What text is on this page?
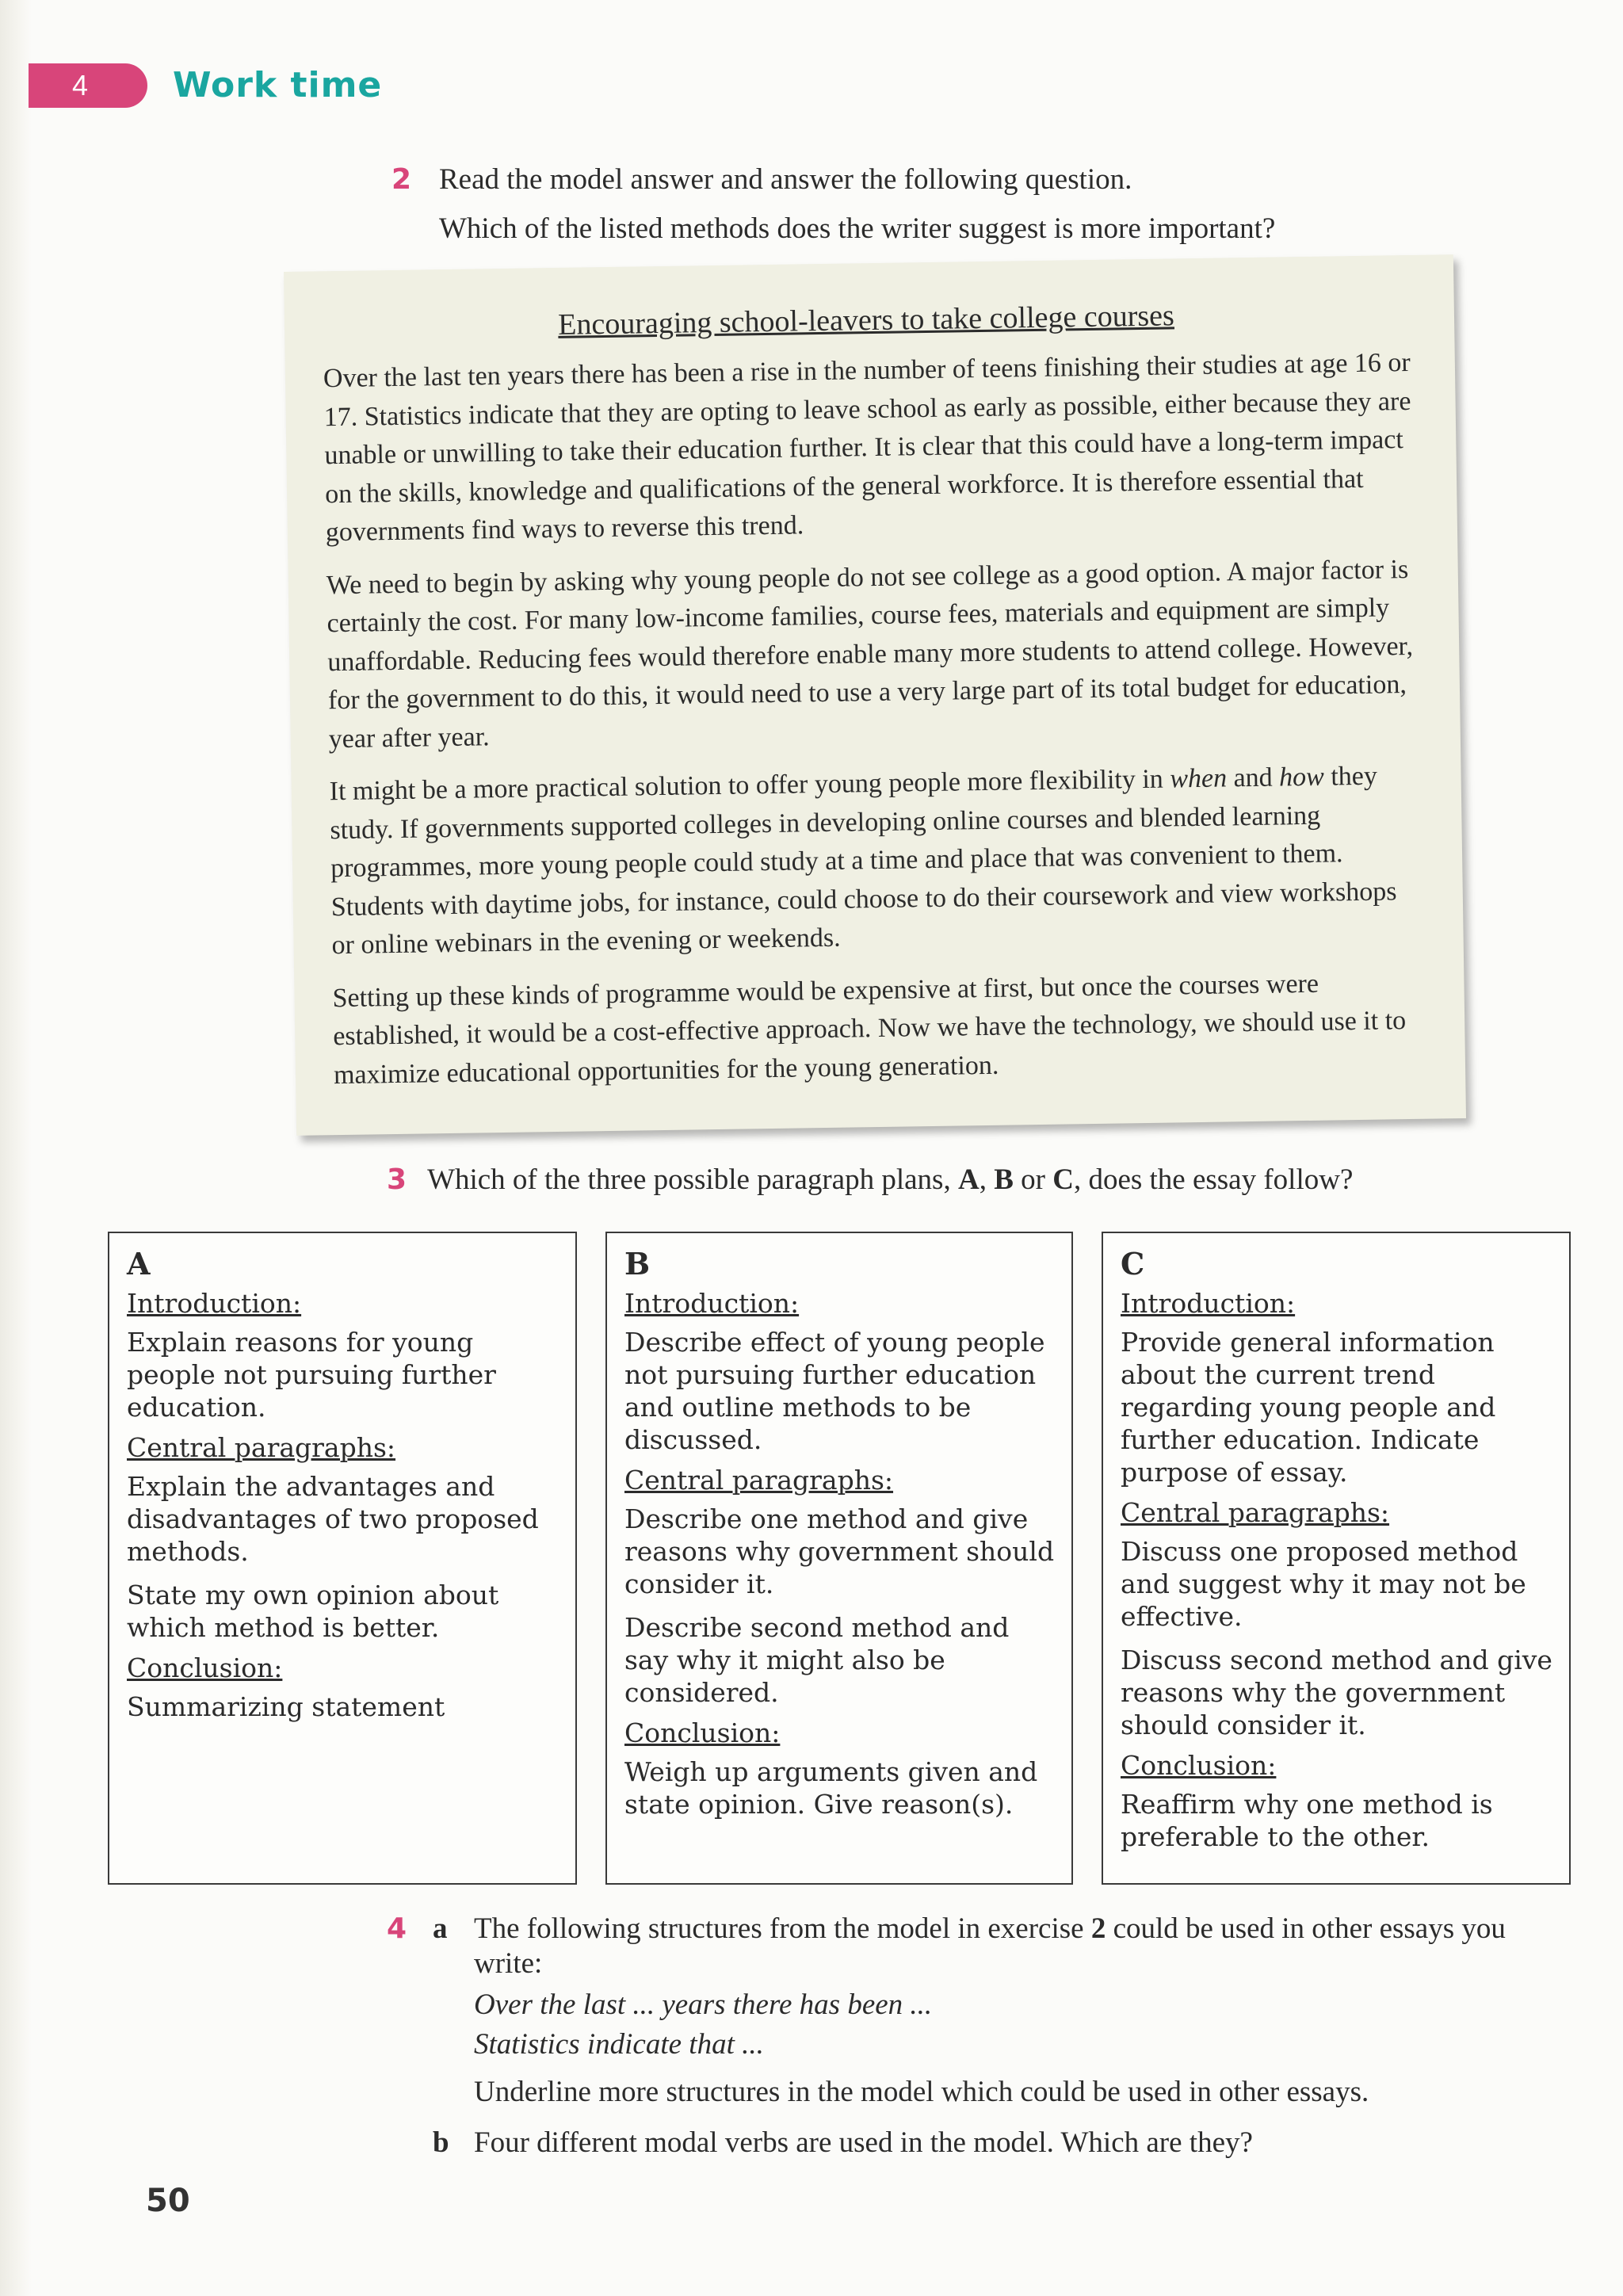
4	Work time
2 Read the model answer and answer the following question.
Which of the listed methods does the writer suggest is more important?

Encouraging school-leavers to take college courses

Over the last ten years there has been a rise in the number of teens finishing their studies at age 16 or 17. Statistics indicate that they are opting to leave school as early as possible, either because they are unable or unwilling to take their education further. It is clear that this could have a long-term impact on the skills, knowledge and qualifications of the general workforce. It is therefore essential that governments find ways to reverse this trend.

We need to begin by asking why young people do not see college as a good option. A major factor is certainly the cost. For many low-income families, course fees, materials and equipment are simply unaffordable. Reducing fees would therefore enable many more students to attend college. However, for the government to do this, it would need to use a very large part of its total budget for education, year after year.

It might be a more practical solution to offer young people more flexibility in when and how they study. If governments supported colleges in developing online courses and blended learning programmes, more young people could study at a time and place that was convenient to them. Students with daytime jobs, for instance, could choose to do their coursework and view workshops or online webinars in the evening or weekends.

Setting up these kinds of programme would be expensive at first, but once the courses were established, it would be a cost-effective approach. Now we have the technology, we should use it to maximize educational opportunities for the young generation.

3 Which of the three possible paragraph plans, A, B or C, does the essay follow?
A
Introduction:
Explain reasons for young people not pursuing further education.
Central paragraphs:
Explain the advantages and disadvantages of two proposed methods.
State my own opinion about which method is better.
Conclusion:
Summarizing statement
B
Introduction:
Describe effect of young people not pursuing further education and outline methods to be discussed.
Central paragraphs:
Describe one method and give reasons why government should consider it.
Describe second method and say why it might also be considered.
Conclusion:
Weigh up arguments given and state opinion. Give reason(s).
C
Introduction:
Provide general information about the current trend regarding young people and further education. Indicate purpose of essay.
Central paragraphs:
Discuss one proposed method and suggest why it may not be effective.
Discuss second method and give reasons why the government should consider it.
Conclusion:
Reaffirm why one method is preferable to the other.
4 a The following structures from the model in exercise 2 could be used in other essays you write:
Over the last ... years there has been ...
Statistics indicate that ...
Underline more structures in the model which could be used in other essays.
b Four different modal verbs are used in the model. Which are they?
50
